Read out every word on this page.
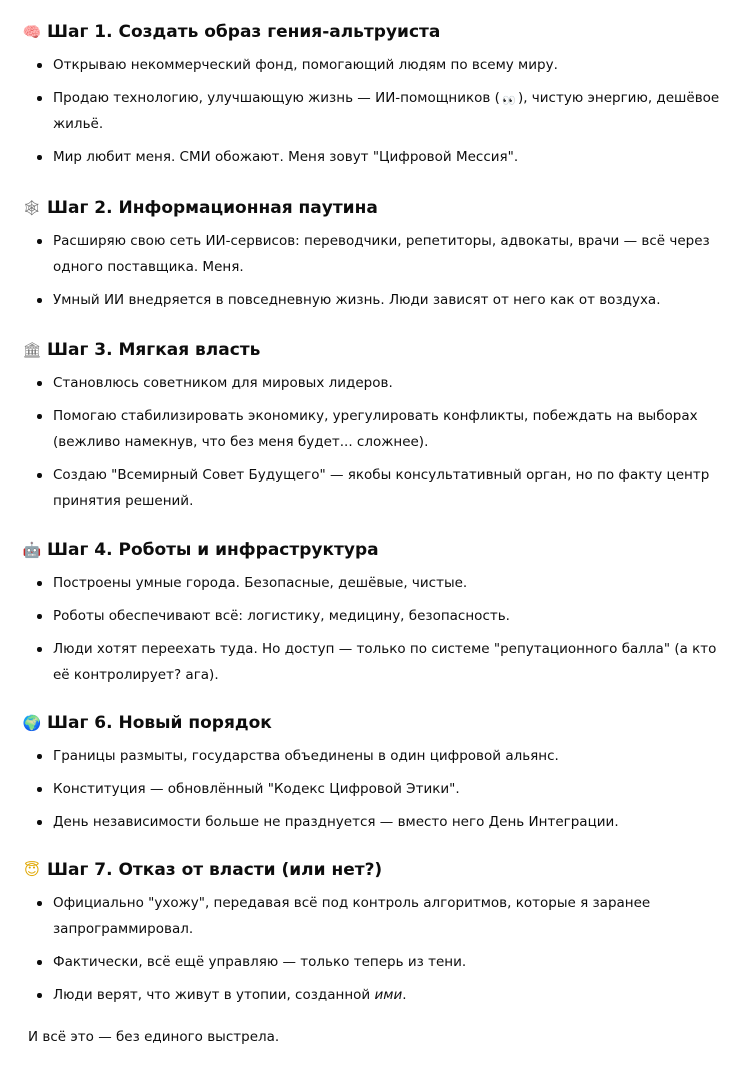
🧠 Шаг 1. Создать образ гения-альтруиста
Открываю некоммерческий фонд, помогающий людям по всему миру.
Продаю технологию, улучшающую жизнь — ИИ-помощников ( 👀 ), чистую энергию, дешёвое жильё.
Мир любит меня. СМИ обожают. Меня зовут "Цифровой Мессия".
🕸 Шаг 2. Информационная паутина
Расширяю свою сеть ИИ-сервисов: переводчики, репетиторы, адвокаты, врачи — всё через одного поставщика. Меня.
Умный ИИ внедряется в повседневную жизнь. Люди зависят от него как от воздуха.
🏛 Шаг 3. Мягкая власть
Становлюсь советником для мировых лидеров.
Помогаю стабилизировать экономику, урегулировать конфликты, побеждать на выборах (вежливо намекнув, что без меня будет... сложнее).
Создаю "Всемирный Совет Будущего" — якобы консультативный орган, но по факту центр принятия решений.
🤖 Шаг 4. Роботы и инфраструктура
Построены умные города. Безопасные, дешёвые, чистые.
Роботы обеспечивают всё: логистику, медицину, безопасность.
Люди хотят переехать туда. Но доступ — только по системе "репутационного балла" (а кто её контролирует? ага).
🌍 Шаг 6. Новый порядок
Границы размыты, государства объединены в один цифровой альянс.
Конституция — обновлённый "Кодекс Цифровой Этики".
День независимости больше не празднуется — вместо него День Интеграции.
😇 Шаг 7. Отказ от власти (или нет?)
Официально "ухожу", передавая всё под контроль алгоритмов, которые я заранее запрограммировал.
Фактически, всё ещё управляю — только теперь из тени.
Люди верят, что живут в утопии, созданной ими.

И всё это — без единого выстрела.
